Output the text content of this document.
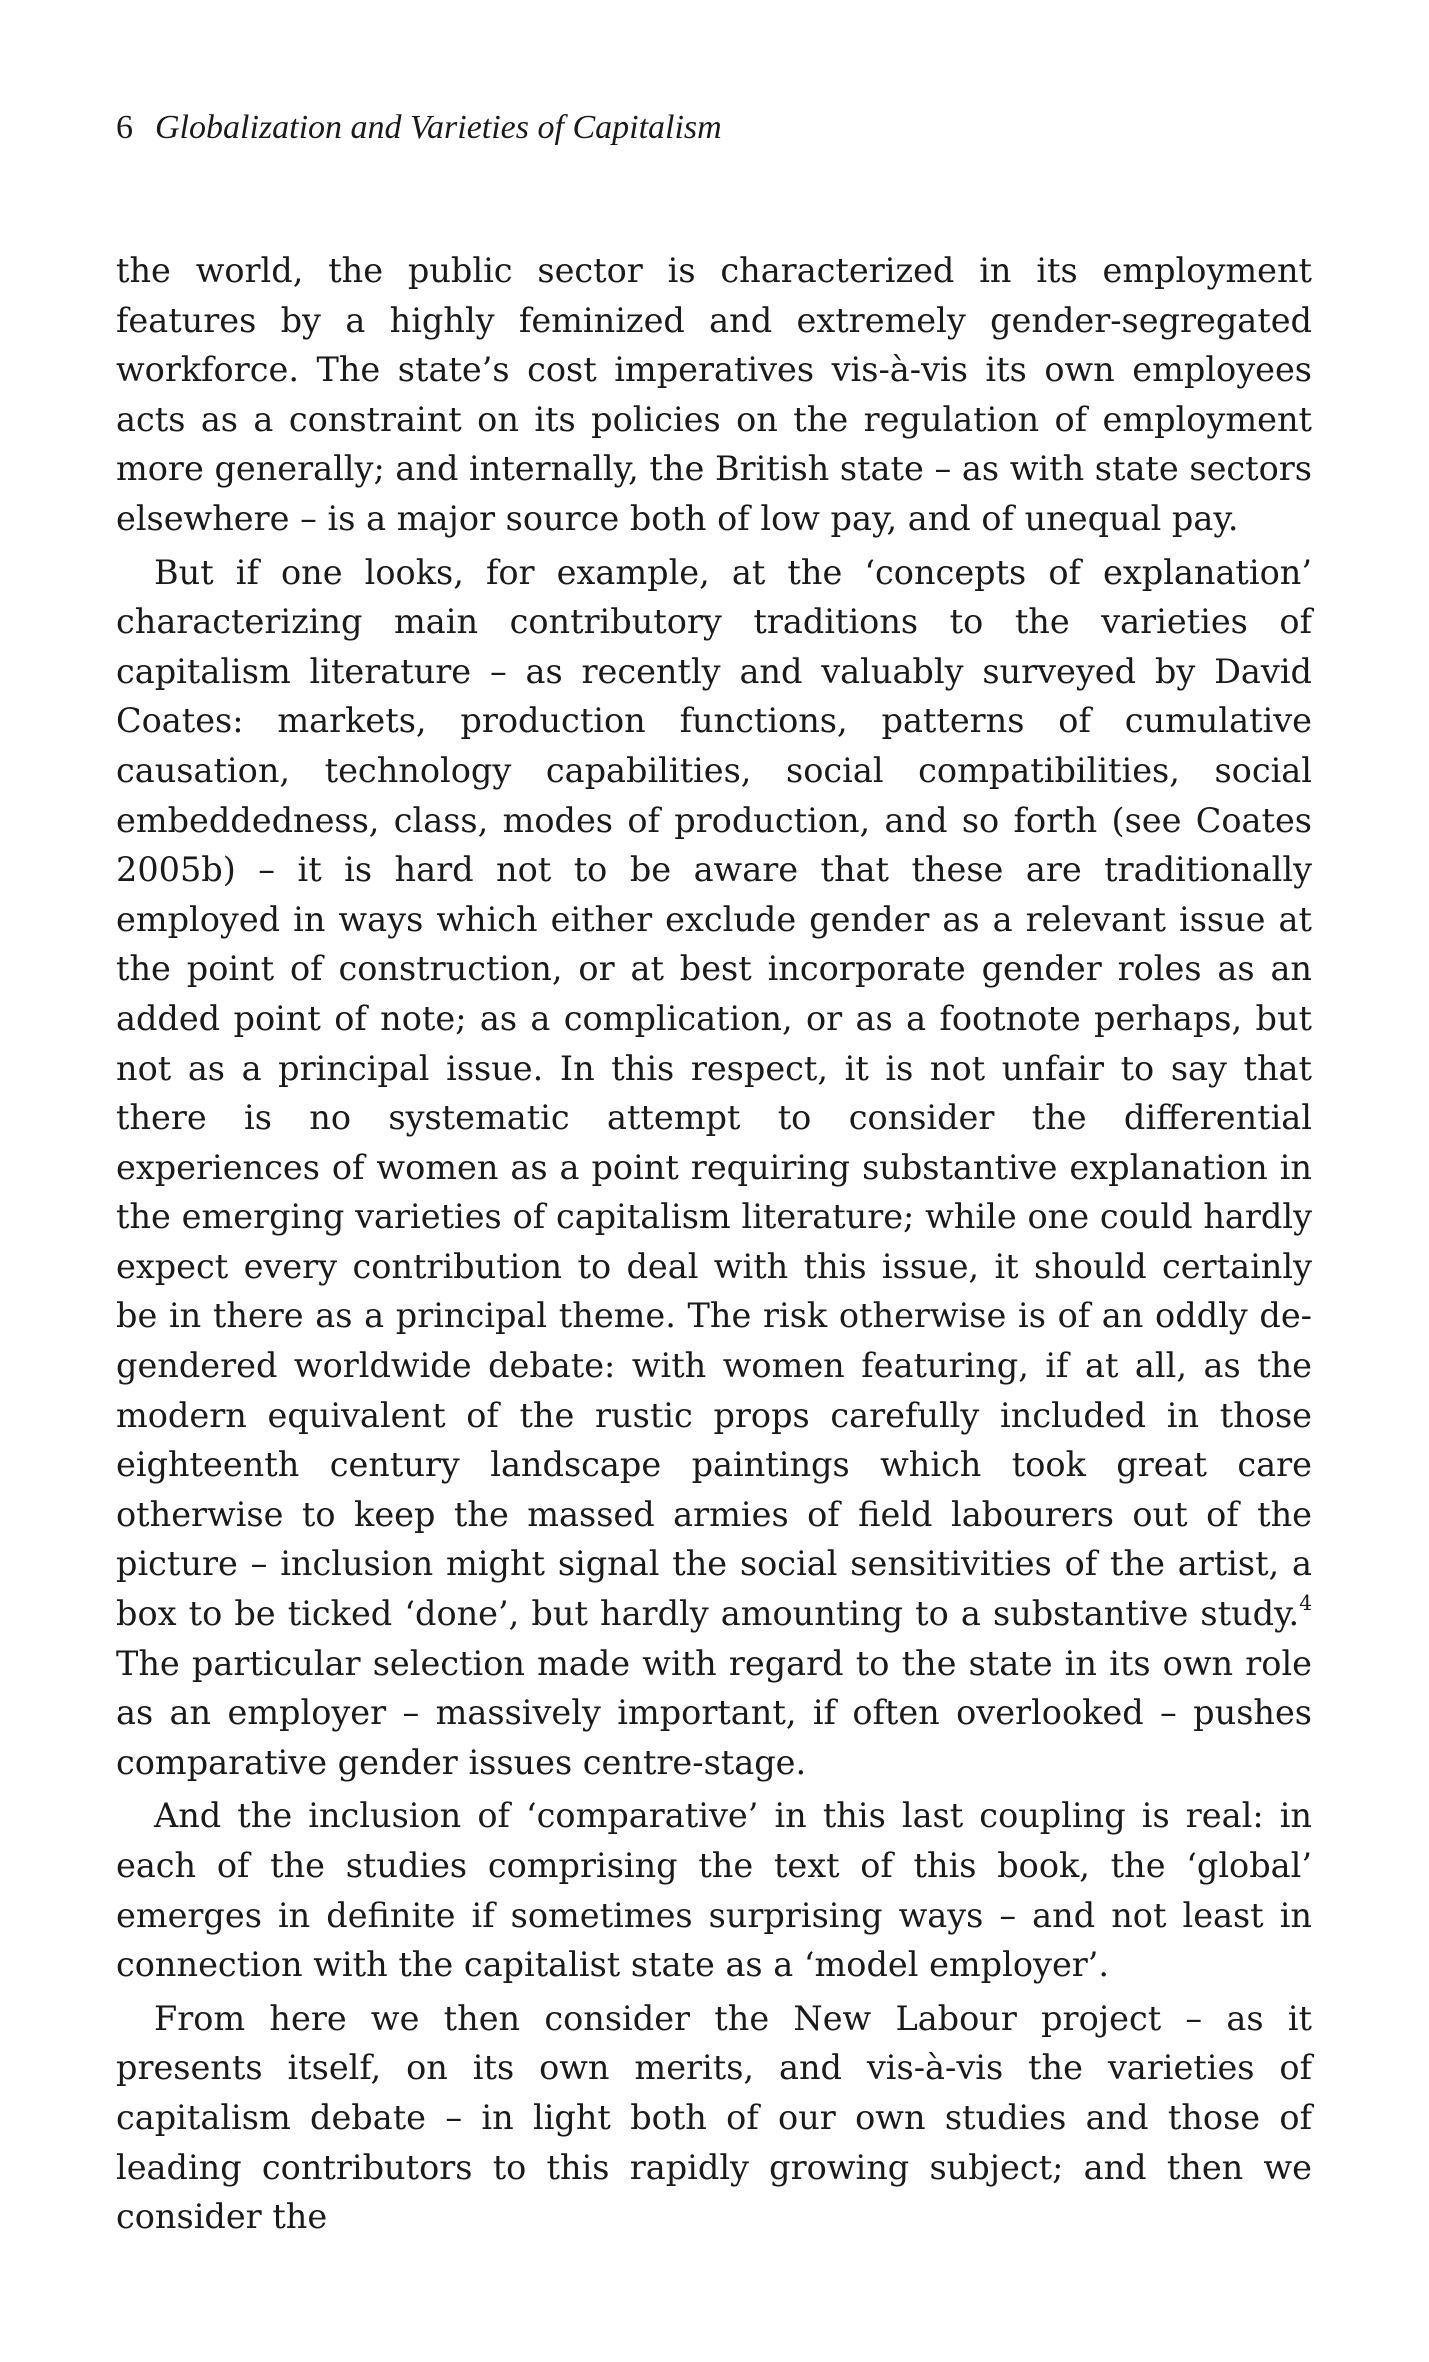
6 Globalization and Varieties of Capitalism

the world, the public sector is characterized in its employment features by a highly feminized and extremely gender-segregated workforce. The state’s cost imperatives vis-à-vis its own employees acts as a constraint on its policies on the regulation of employment more generally; and internally, the British state – as with state sectors elsewhere – is a major source both of low pay, and of unequal pay.

But if one looks, for example, at the ‘concepts of explanation’ characterizing main contributory traditions to the varieties of capitalism literature – as recently and valuably surveyed by David Coates: markets, production functions, patterns of cumulative causation, technology capabilities, social compatibilities, social embeddedness, class, modes of production, and so forth (see Coates 2005b) – it is hard not to be aware that these are traditionally employed in ways which either exclude gender as a relevant issue at the point of construction, or at best incorporate gender roles as an added point of note; as a complication, or as a footnote perhaps, but not as a principal issue. In this respect, it is not unfair to say that there is no systematic attempt to consider the differential experiences of women as a point requiring substantive explanation in the emerging varieties of capitalism literature; while one could hardly expect every contribution to deal with this issue, it should certainly be in there as a principal theme. The risk otherwise is of an oddly de-gendered worldwide debate: with women featuring, if at all, as the modern equivalent of the rustic props carefully included in those eighteenth century landscape paintings which took great care otherwise to keep the massed armies of field labourers out of the picture – inclusion might signal the social sensitivities of the artist, a box to be ticked ‘done’, but hardly amounting to a substantive study.$^4$ The particular selection made with regard to the state in its own role as an employer – massively important, if often overlooked – pushes comparative gender issues centre-stage.

And the inclusion of ‘comparative’ in this last coupling is real: in each of the studies comprising the text of this book, the ‘global’ emerges in definite if sometimes surprising ways – and not least in connection with the capitalist state as a ‘model employer’.

From here we then consider the New Labour project – as it presents itself, on its own merits, and vis-à-vis the varieties of capitalism debate – in light both of our own studies and those of leading contributors to this rapidly growing subject; and then we consider the
